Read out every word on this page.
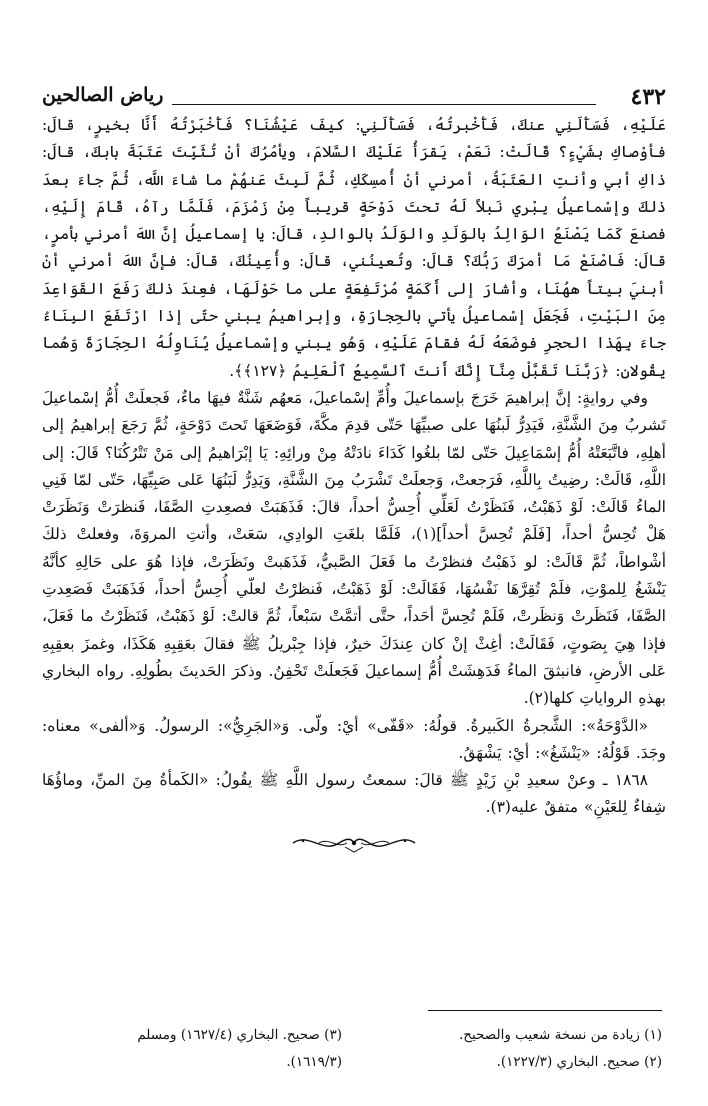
٤٣٢
رياض الصالحين

عَلَيْهِ، فَسَأَلَنِي عنكَ، فَأَخْبرتُهُ، فَسَأَلَنِي: كيفَ عَيْشُنَا؟ فَأَخْبَرْتُهُ أَنَّا بخيرٍ، قالَ: فأوْصاكِ بشَيْءٍ؟ قَالَتْ: نَعَمْ، يَقرَأُ عَلَيْكَ السَّلامَ، ويأمُرُكَ أنْ تُثَبِّتَ عَتَبَةَ بابكَ، قالَ: ذاكِ أبي وأنتِ العَتَبَةُ، أمرني أنْ أُمسِكَكِ، ثُمَّ لَبِثَ عَنهُمْ ما شاءَ اللَّه، ثُمَّ جاءَ بعدَ ذلكَ وإسْماعيلُ يبْري نَبلاً لَهُ تحتَ دَوْحَةٍ قريباً مِنْ زَمْزَمَ، فَلَمَّا رآهُ، قَامَ إِلَيْهِ، فصنعَ كَمَا يَصْنَعُ الوَالِدُ بالوَلَدِ والوَلَدُ بالوالدِ، قالَ: يا إسماعيلُ إنَّ اللهَ أمرني بأمرٍ، قالَ: فَاصْنَعْ مَا أمرَكَ رَبُّكَ؟ قالَ: وتُعينُني، قالَ: وأُعِينُكَ، قالَ: فإنَّ اللهَ أمرني أنْ أبنيَ بيتاً ههُنَا، وأشارَ إلى أَكَمَةٍ مُرْتَفِعَةٍ على ما حَوْلَهَا، فعِندَ ذلكَ رَفَعَ القَوَاعِدَ مِنَ البَيْتِ، فَجَعَلَ إسْماعيلُ يأتي بالحِجارَةِ، وإبراهيمُ يبني حتّى إذا ارْتَفَعَ البِنَاءُ جاءَ بِهَذا الحجرِ فوضَعَهُ لَهُ فقامَ عَلَيْهِ، وَهُو يبني وإسْماعيلُ يُنَاوِلُهُ الحِجَارَةَ وَهُما يقُولانِ: ﴿رَبَّنَا تَقَبَّلْ مِنَّآ إِنَّكَ أَنتَ ٱلسَّمِيعُ ٱلْعَلِيمُ ﴿١٢٧﴾﴾.

وفي روايةٍ: إنَّ إبراهيمَ خَرَجَ بإسماعيلَ وأُمِّ إسْماعيلَ، مَعهُم شَنَّةٌ فيهَا ماءٌ، فَجعلَتْ أُمُّ إسْماعيلَ تَشربُ مِنَ الشَّنَّةِ، فَيَدِرُّ لَبنُهَا على صبيِّهَا حَتّى قدِمَ مكَّةَ، فَوَضَعَهَا تَحتَ دَوْحَةٍ، ثُمَّ رَجَعَ إبراهيمُ إلى أهلِهِ، فاتَّبَعَتْهُ أُمُّ إسْمَاعِيلَ حَتّى لمّا بلغُوا كَدَاءَ نادَتْهُ مِنْ ورائِهِ: يَا إبْرَاهيمُ إلى مَنْ تَتْرُكُنَا؟ قَالَ: إلى اللَّهِ، قَالَتْ: رضِيتُ بِاللَّهِ، فَرَجعتْ، وَجعلَتْ تَشْرَبُ مِنَ الشَّنَّةِ، وَيَدِرُّ لَبَنُهَا عَلى صَبِيِّهَا، حَتّى لمّا فَنِي الماءُ قَالَتْ: لَوْ ذَهَبْتُ، فَنَظَرْتُ لَعَلِّي أُحِسُّ أحداً، قالَ: فَذَهَبَتْ فصعِدتِ الصَّفَا، فَنظرَتْ وَنَظَرَتْ هَلْ تُحِسُّ أحداً، [فَلَمْ تُحِسَّ أحداً](١)، فَلَمَّا بلغَتِ الوادِي، سَعَتْ، وأتتِ المروَةَ، وفعلتْ ذلكَ أشْواطاً، ثُمَّ قَالَتْ: لو ذَهَبْتُ فنظرْتُ ما فَعَلَ الصَّبيُّ، فَذَهَبتْ ونَظَرَتْ، فإذا هُوَ على حَالِهِ كأنَّهُ يَنْشَغُ لِلموْتِ، فلَمْ تُقِرَّهَا نَفْسُهَا، فَقَالَتْ: لَوْ ذَهَبْتُ، فَنظرْتُ لعلّي أُحِسُّ أحداً، فَذَهَبَتْ فَصَعِدتِ الصَّفَا، فَنَظَرتْ وَنظَرتْ، فَلَمْ تُحِسَّ أحَداً، حتَّى أتمَّتْ سَبْعاً، ثُمَّ قالتْ: لَوْ ذَهَبْتُ، فَنَظَرْتُ ما فَعَلَ، فإذا هِيَ بِصَوتٍ، فَقَالَتْ: أغِثْ إنْ كان عِندَكَ خيرٌ، فإذا جِبْريلُ ﷺ فقالَ بعَقِبِهِ هَكَذَا، وغمزَ بعقِبِهِ عَلى الأرضِ، فانبثقَ الماءُ فَدَهِشَتْ أُمُّ إسماعيلَ فَجَعلَتْ تَحْفِنُ. وذكرَ الحَديثَ بطُولِهِ. رواه البخاري بهذهِ الرواياتِ كلها(٢).

«الدَّوْحَةُ»: الشَّجرةُ الكَبيرةُ. قولُهُ: «قَفّى» أيْ: ولّى. وَ«الجَرِيُّ»: الرسولُ. وَ«ألفى» معناه: وجَدَ. قَوْلُهُ: «يَنْشَغُ»: أيْ: يَشْهَقُ.

١٨٦٨ ـ وعنْ سعيدِ بْنِ زَيْدٍ ﷺ قالَ: سمعتُ رسول اللَّهِ ﷺ يقُولُ: «الكَمأةُ مِنَ المنِّ، وماؤُهَا شِفاءٌ لِلعَيْنِ» متفقٌ عليه(٣).

(١) زيادة من نسخة شعيب والصحيح.
(٢) صحيح. البخاري (١٢٢٧/٣).
(٣) صحيح. البخاري (١٦٢٧/٤) ومسلم
(١٦١٩/٣).
